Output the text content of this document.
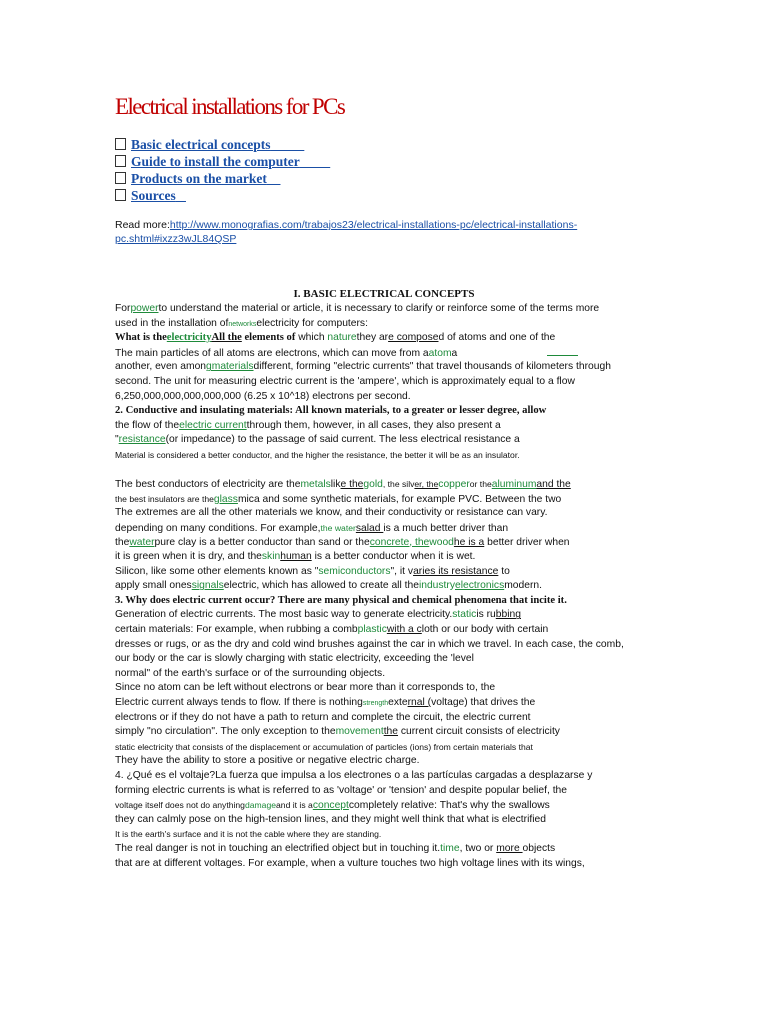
Electrical installations for PCs
Basic electrical concepts
Guide to install the computer
Products on the market
Sources
Read more:http://www.monografias.com/trabajos23/electrical-installations-pc/electrical-installations-pc.shtml#ixzz3wJL84QSP
I. BASIC ELECTRICAL CONCEPTS
Forpowerto understand the material or article, it is necessary to clarify or reinforce some of the terms more
used in the installation ofnetworkselectricity for computers:
What is theelectricityAll the elements of which naturethey are composed of atoms and one of the
The main particles of all atoms are electrons, which can move from aatoma
another, even amongmaterialsdifferent, forming "electric currents" that travel thousands of kilometers through
second. The unit for measuring electric current is the 'ampere', which is approximately equal to a flow
6,250,000,000,000,000,000 (6.25 x 10^18) electrons per second.
2. Conductive and insulating materials: All known materials, to a greater or lesser degree, allow
the flow of theelectric currentthrough them, however, in all cases, they also present a
"resistance(or impedance) to the passage of said current. The less electrical resistance a
Material is considered a better conductor, and the higher the resistance, the better it will be as an insulator.
The best conductors of electricity are themetalslike thegold, the silver, thecopperor thealuminumand the
the best insulators are theglassmica and some synthetic materials, for example PVC. Between the two
The extremes are all the other materials we know, and their conductivity or resistance can vary.
depending on many conditions. For example,the watersalad is a much better driver than
thewaterpure clay is a better conductor than sand or theconcrete, thewoodhe is a better driver when
it is green when it is dry, and theskinhuman is a better conductor when it is wet.
Silicon, like some other elements known as "semiconductors", it varies its resistance to
apply small onessignalselectric, which has allowed to create all theindustryelectronicsmodern.
3. Why does electric current occur? There are many physical and chemical phenomena that incite it.
Generation of electric currents. The most basic way to generate electricity.staticis rubbing
certain materials: For example, when rubbing a combplasticwith a cloth or our body with certain
dresses or rugs, or as the dry and cold wind brushes against the car in which we travel. In each case, the comb,
our body or the car is slowly charging with static electricity, exceeding the 'level
normal" of the earth's surface or of the surrounding objects.
Since no atom can be left without electrons or bear more than it corresponds to, the
Electric current always tends to flow. If there is nothingstrengthexternal (voltage) that drives the
electrons or if they do not have a path to return and complete the circuit, the electric current
simply "no circulation". The only exception to themovementthe current circuit consists of electricity
static electricity that consists of the displacement or accumulation of particles (ions) from certain materials that
They have the ability to store a positive or negative electric charge.
4. ¿Qué es el voltaje?La fuerza que impulsa a los electrones o a las partículas cargadas a desplazarse y
forming electric currents is what is referred to as 'voltage' or 'tension' and despite popular belief, the
voltage itself does not do anythingdamageand it is aconceptcompletely relative: That's why the swallows
they can calmly pose on the high-tension lines, and they might well think that what is electrified
It is the earth's surface and it is not the cable where they are standing.
The real danger is not in touching an electrified object but in touching it.time, two or more objects
that are at different voltages. For example, when a vulture touches two high voltage lines with its wings,
